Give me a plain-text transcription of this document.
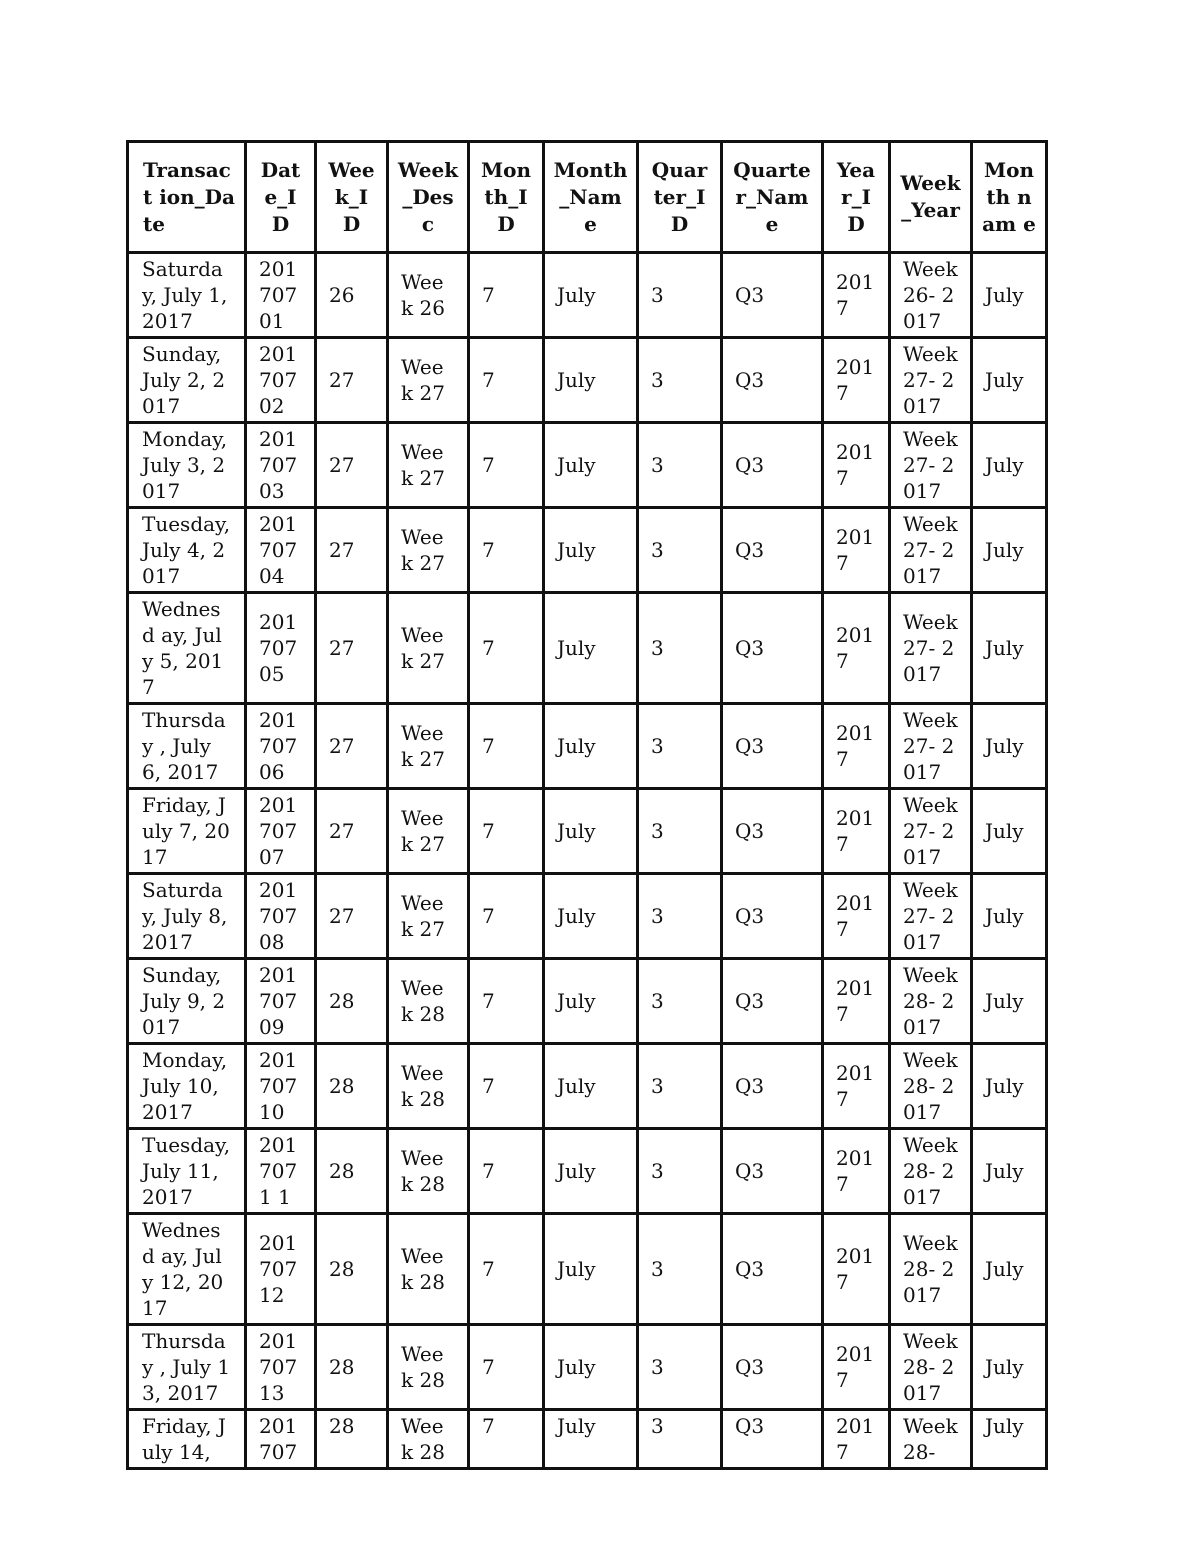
Transact ion_Date	Dat e_I D	Wee k_I D	Week _Des c	Mon th_I D	Month _Nam e	Quar ter_I D	Quarte r_Nam e	Yea r_I D	Week _Year	Mon th nam e
Saturday, July 1, 2017	201 707 01	26	Week 26	7	July	3	Q3	201 7	Week 26- 2017	July
Sunday, July 2, 2017	201 707 02	27	Week 27	7	July	3	Q3	201 7	Week 27- 2017	July
Monday, July 3, 2017	201 707 03	27	Week 27	7	July	3	Q3	201 7	Week 27- 2017	July
Tuesday, July 4, 2017	201 707 04	27	Week 27	7	July	3	Q3	201 7	Week 27- 2017	July
Wednesd ay, July 5, 2017	201 707 05	27	Week 27	7	July	3	Q3	201 7	Week 27- 2017	July
Thursday , July 6, 2017	201 707 06	27	Week 27	7	July	3	Q3	201 7	Week 27- 2017	July
Friday, July 7, 2017	201 707 07	27	Week 27	7	July	3	Q3	201 7	Week 27- 2017	July
Saturday, July 8, 2017	201 707 08	27	Week 27	7	July	3	Q3	201 7	Week 27- 2017	July
Sunday, July 9, 2017	201 707 09	28	Week 28	7	July	3	Q3	201 7	Week 28- 2017	July
Monday, July 10, 2017	201 707 10	28	Week 28	7	July	3	Q3	201 7	Week 28- 2017	July
Tuesday, July 11, 2017	201 7071 1	28	Week 28	7	July	3	Q3	201 7	Week 28- 2017	July
Wednesd ay, July 12, 2017	201 707 12	28	Week 28	7	July	3	Q3	201 7	Week 28- 2017	July
Thursday , July 13, 2017	201 707 13	28	Week 28	7	July	3	Q3	201 7	Week 28- 2017	July
Friday, July 14,	201 707	28	Week 28	7	July	3	Q3	201 7	Week 28-	July
